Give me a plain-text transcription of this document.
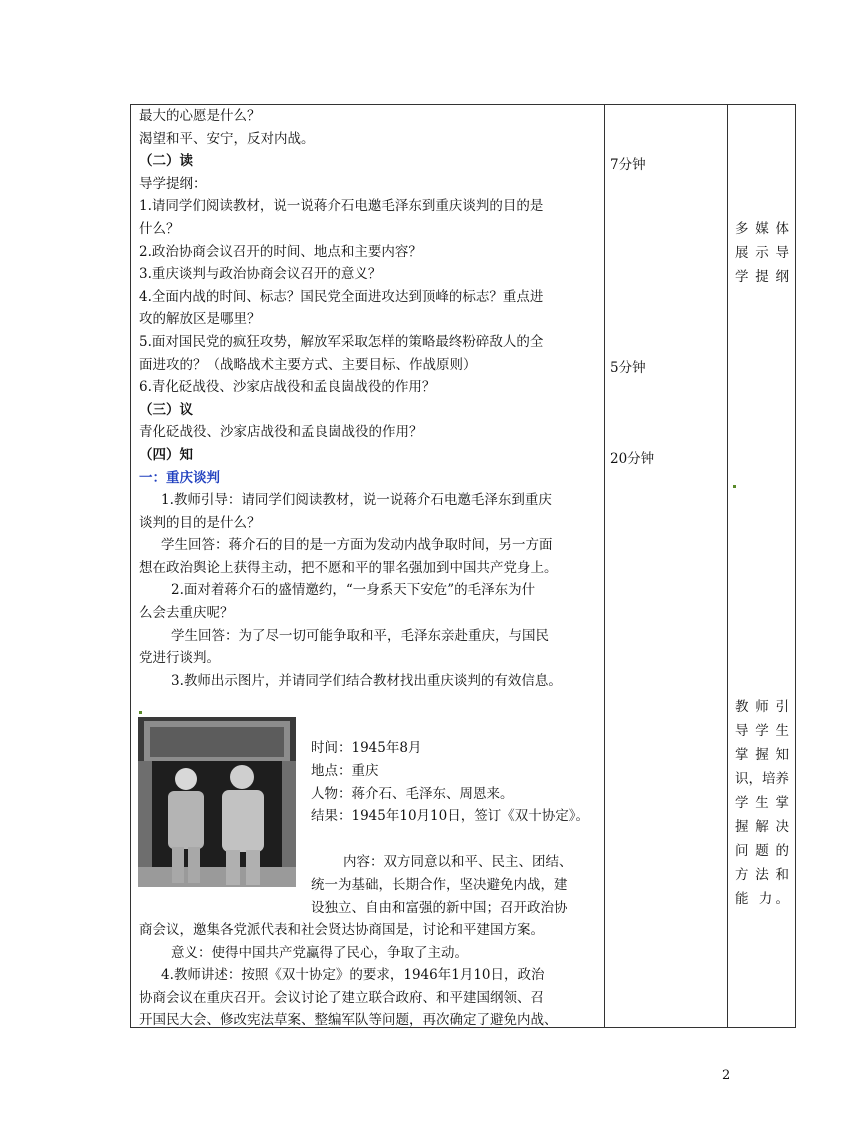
最大的心愿是什么？

渴望和平、安宁，反对内战。

（二）读

导学提纲：

1.请同学们阅读教材，说一说蒋介石电邀毛泽东到重庆谈判的目的是

什么？

2.政治协商会议召开的时间、地点和主要内容？

3.重庆谈判与政治协商会议召开的意义？

4.全面内战的时间、标志？国民党全面进攻达到顶峰的标志？重点进

攻的解放区是哪里？

5.面对国民党的疯狂攻势，解放军采取怎样的策略最终粉碎敌人的全

面进攻的？（战略战术主要方式、主要目标、作战原则）

6.青化砭战役、沙家店战役和孟良崮战役的作用？

（三）议

青化砭战役、沙家店战役和孟良崮战役的作用？

（四）知

一：重庆谈判

1.教师引导：请同学们阅读教材，说一说蒋介石电邀毛泽东到重庆

谈判的目的是什么？

学生回答：蒋介石的目的是一方面为发动内战争取时间，另一方面

想在政治舆论上获得主动，把不愿和平的罪名强加到中国共产党身上。

2.面对着蒋介石的盛情邀约，“一身系天下安危”的毛泽东为什

么会去重庆呢？

学生回答：为了尽一切可能争取和平，毛泽东亲赴重庆，与国民

党进行谈判。

3.教师出示图片，并请同学们结合教材找出重庆谈判的有效信息。

时间：1945年8月
地点：重庆
人物：蒋介石、毛泽东、周恩来。
结果：1945年10月10日，签订《双十协定》。
内容：双方同意以和平、民主、团结、
统一为基础，长期合作，坚决避免内战，建
设独立、自由和富强的新中国；召开政治协

商会议，邀集各党派代表和社会贤达协商国是，讨论和平建国方案。

意义：使得中国共产党赢得了民心，争取了主动。

4.教师讲述：按照《双十协定》的要求，1946年1月10日，政治

协商会议在重庆召开。会议讨论了建立联合政府、和平建国纲领、召

开国民大会、修改宪法草案、整编军队等问题，再次确定了避免内战、

7分钟
5分钟
20分钟
多媒体
展示导
学提纲
教师引
导学生
掌握知
识，培养
学生掌
握解决
问题的
方法和
能 力。
2
